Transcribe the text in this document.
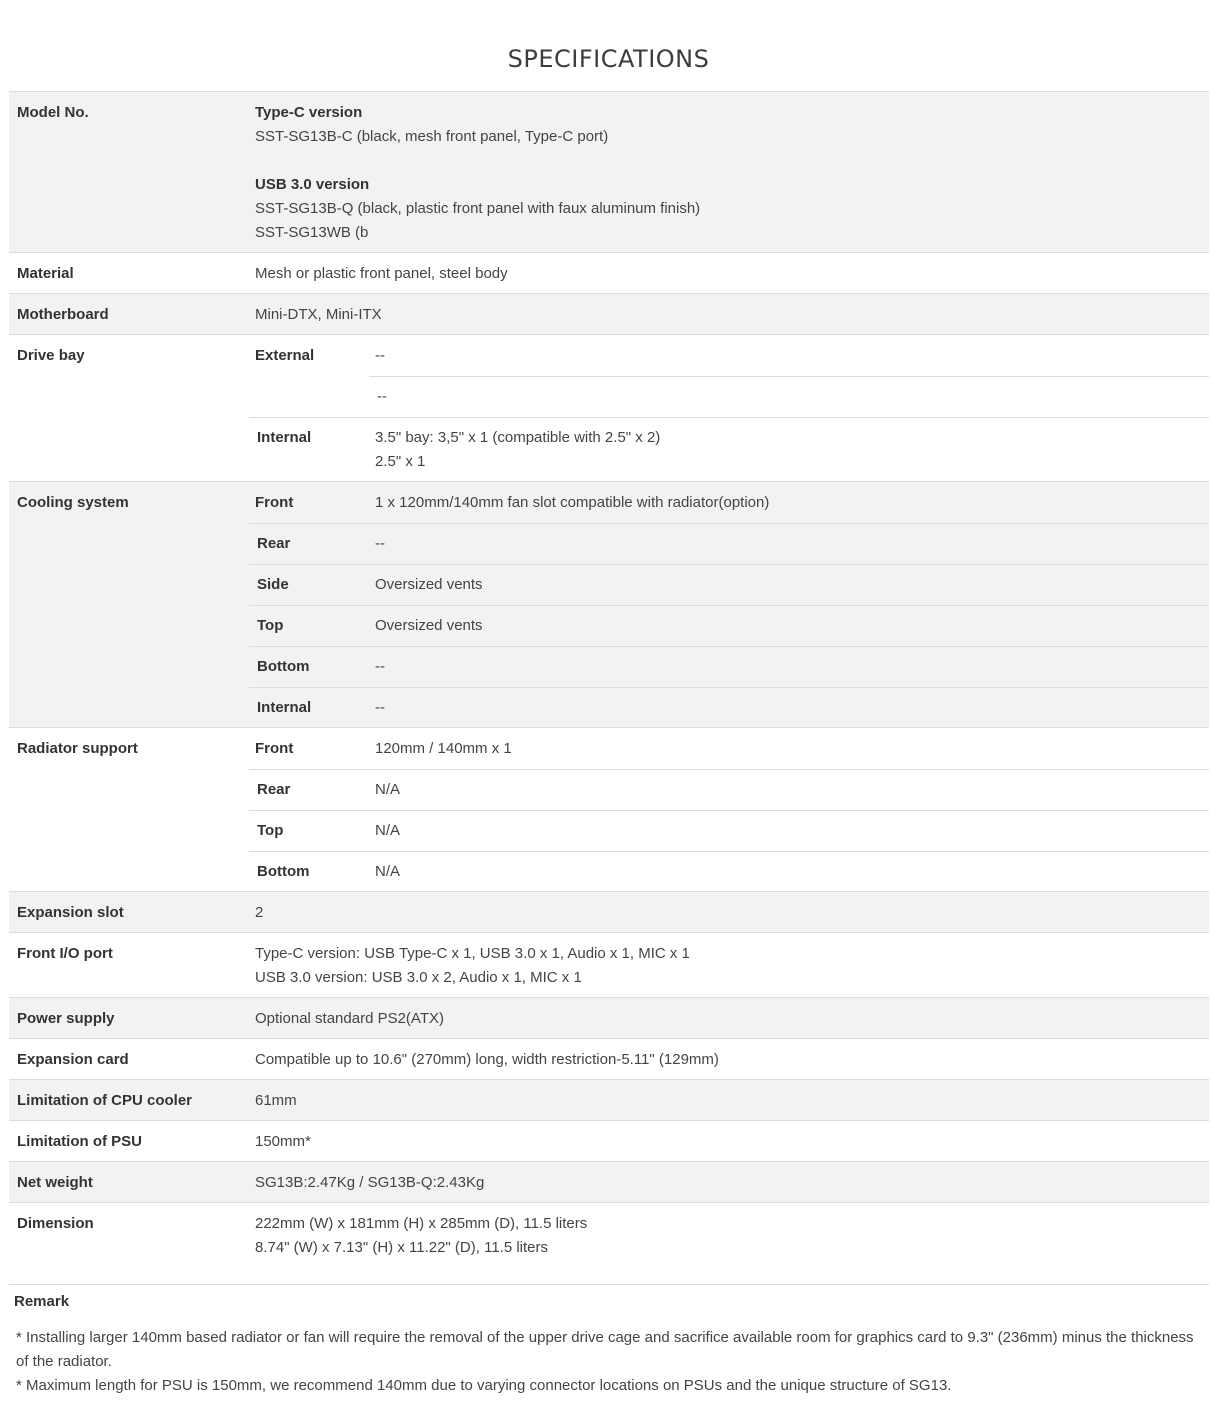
SPECIFICATIONS
Model No.	Type-C version
SST-SG13B-C (black, mesh front panel, Type-C port)
USB 3.0 version
SST-SG13B-Q (black, plastic front panel with faux aluminum finish)
SST-SG13WB (b
Material	Mesh or plastic front panel, steel body
Motherboard	Mini-DTX, Mini-ITX
Drive bay	External	--
--
Internal	3.5" bay: 3,5" x 1 (compatible with 2.5" x 2)
2.5" x 1
Cooling system	Front	1 x 120mm/140mm fan slot compatible with radiator(option)
Rear	--
Side	Oversized vents
Top	Oversized vents
Bottom	--
Internal	--
Radiator support	Front	120mm / 140mm x 1
Rear	N/A
Top	N/A
Bottom	N/A
Expansion slot	2
Front I/O port	Type-C version: USB Type-C x 1, USB 3.0 x 1, Audio x 1, MIC x 1
USB 3.0 version: USB 3.0 x 2, Audio x 1, MIC x 1
Power supply	Optional standard PS2(ATX)
Expansion card	Compatible up to 10.6" (270mm) long, width restriction-5.11" (129mm)
Limitation of CPU cooler	61mm
Limitation of PSU	150mm*
Net weight	SG13B:2.47Kg / SG13B-Q:2.43Kg
Dimension	222mm (W) x 181mm (H) x 285mm (D), 11.5 liters
8.74" (W) x 7.13" (H) x 11.22" (D), 11.5 liters
Remark
* Installing larger 140mm based radiator or fan will require the removal of the upper drive cage and sacrifice available room for graphics card to 9.3" (236mm) minus the thickness of the radiator.
* Maximum length for PSU is 150mm, we recommend 140mm due to varying connector locations on PSUs and the unique structure of SG13.
